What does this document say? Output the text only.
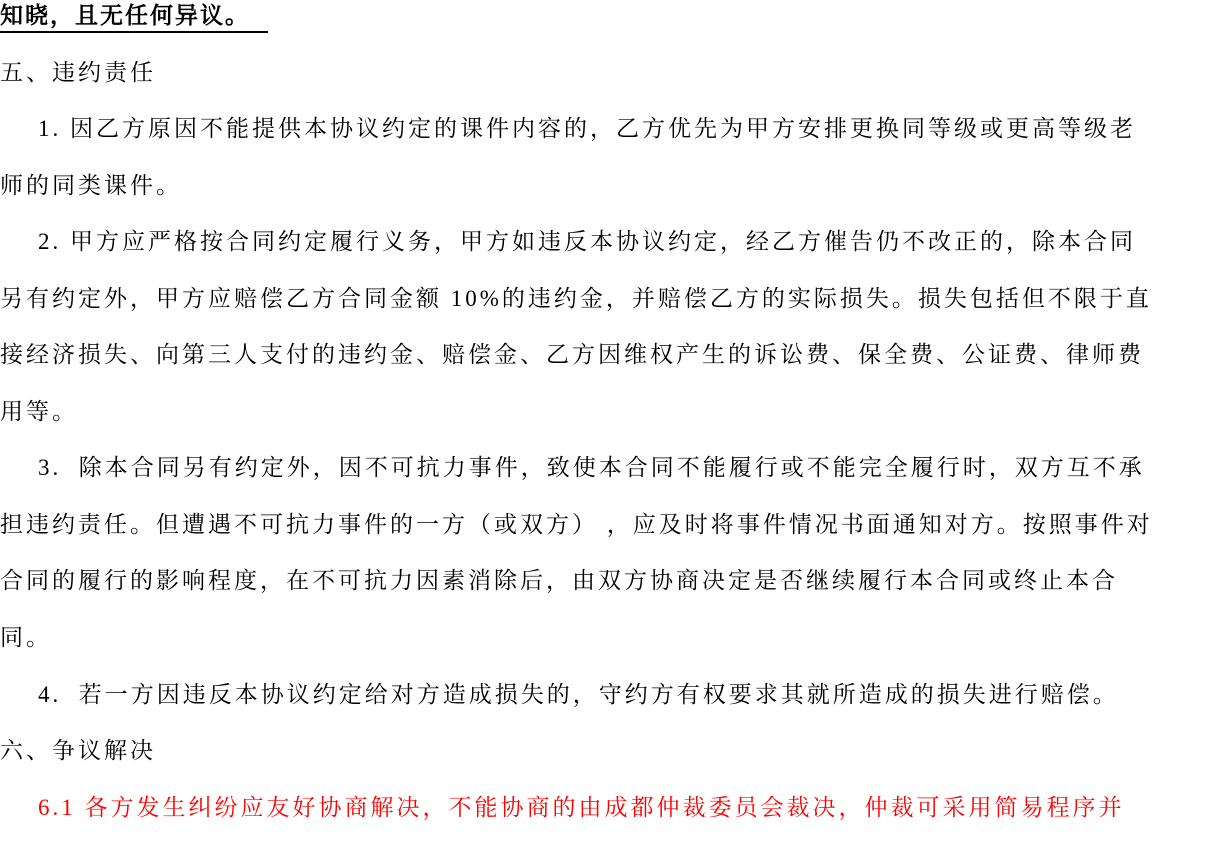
知晓，且无任何异议。
五、违约责任
1. 因乙方原因不能提供本协议约定的课件内容的，乙方优先为甲方安排更换同等级或更高等级老
师的同类课件。
2. 甲方应严格按合同约定履行义务，甲方如违反本协议约定，经乙方催告仍不改正的，除本合同
另有约定外，甲方应赔偿乙方合同金额 10%的违约金，并赔偿乙方的实际损失。损失包括但不限于直
接经济损失、向第三人支付的违约金、赔偿金、乙方因维权产生的诉讼费、保全费、公证费、律师费
用等。
3.  除本合同另有约定外，因不可抗力事件，致使本合同不能履行或不能完全履行时，双方互不承
担违约责任。但遭遇不可抗力事件的一方（或双方） ，应及时将事件情况书面通知对方。按照事件对
合同的履行的影响程度，在不可抗力因素消除后，由双方协商决定是否继续履行本合同或终止本合
同。
4.  若一方因违反本协议约定给对方造成损失的，守约方有权要求其就所造成的损失进行赔偿。
六、争议解决
6.1 各方发生纠纷应友好协商解决，不能协商的由成都仲裁委员会裁决，仲裁可采用简易程序并
